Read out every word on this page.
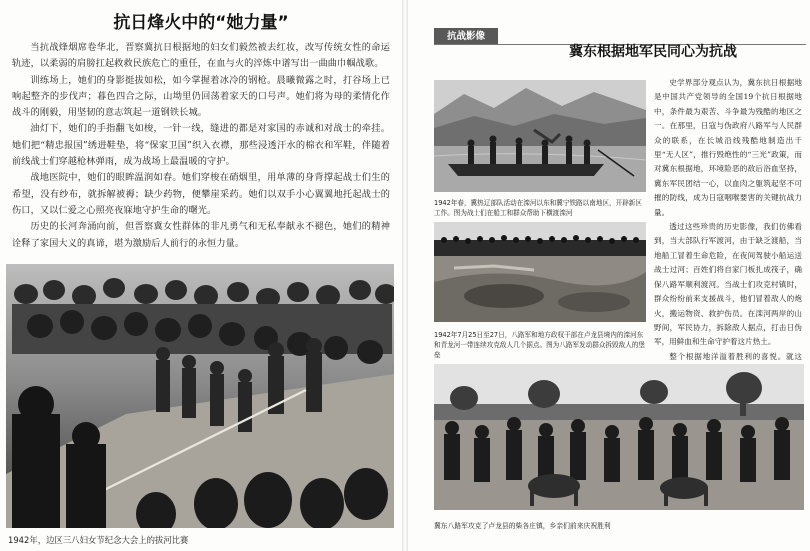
抗日烽火中的“她力量”

当抗战烽烟席卷华北，晋察冀抗日根据地的妇女们毅然被去红妆，改写传统女性的命运轨迹，以柔弱的肩膀扛起救救民族危亡的重任，在血与火的淬炼中谱写出一曲曲巾帼战歌。

训练场上，她们的身影挺拔如松，如今掌握着冰冷的钢枪。晨曦微露之时，打谷场上已响起整齐的步伐声；暮色四合之际，山坳里仍回荡着家天的口号声。她们将为母的柔情化作战斗的刚毅，用坚韧的意志筑起一道钢铁长城。

油灯下，她们的手指翻飞如梭，一针一线，缝进的都是对家国的赤诚和对战士的牵挂。她们把“精忠报国”绣进鞋垫，将“保家卫国”织入衣襟，那些浸透汗水的棉衣和军鞋，伴随着前线战士们穿越枪林弹雨，成为战场上最温暖的守护。

战地医院中，她们的眼眸温润如春。她们穿梭在硝烟里，用单薄的身背撑起战士们生的希望，没有纱布，就拆解被褥；缺少药物，便攀崖采药。她们以双手小心翼翼地托起战士的伤口，又以仁爱之心照亮夜寐地守护生命的曙光。

历史的长河奔涌向前，但晋察冀女性群体的非凡勇气和无私奉献永不褪色，她们的精神诠释了家国大义的真谛，堪为激励后人前行的永恒力量。

1942年，边区三八妇女节纪念大会上的拔河比赛
抗战影像
冀东根据地军民同心为抗战
1942年春，冀热辽部队活动在滦河以东和冀宁铁路以南地区，开辟新区工作。图为战士们在船工和群众帮助下横渡滦河
1942年7月25日至27日，八路军和地方政权干部在卢龙县境内的滦河东和青龙河一带连续攻克敌人几个据点。图为八路军发动群众拆毁敌人的堡垒

史学界部分观点认为，冀东抗日根据地是中国共产党领导的全国19个抗日根据地中，条件最为艰苦、斗争最为残酷的地区之一。在那里，日寇与伪政府八路军与人民群众的联系，在长城沿线残酷地制造出千里“无人区”，推行毁绝性的“三光”政策，而对冀东根据地，环境险恶的敌后浴血坚持，冀东军民团结一心，以血肉之躯筑起坚不可摧的防线，成为日寇咽喉要害的关键抗战力量。

透过这些珍贵的历史影像，我们仿佛看到，当大部队行军渡河，由于缺乏渡船，当地船工冒着生命危险，在夜间驾驶小船运送战士过河；百姓们将自家门板扎成筏子，确保八路军顺利渡河。当战士们攻克村镇时，群众纷纷前来支援战斗，他们冒着敌人的炮火，搬运物资、救护伤员。在滦河两岸的山野间，军民协力，拆除敌人据点，打击日伪军，用鲜血和生命守护着这片热土。

整个根据地洋溢着胜利的喜悦。就这

冀东八路军攻克了卢龙县的柴各庄镇，乡亲们前来庆祝胜利
